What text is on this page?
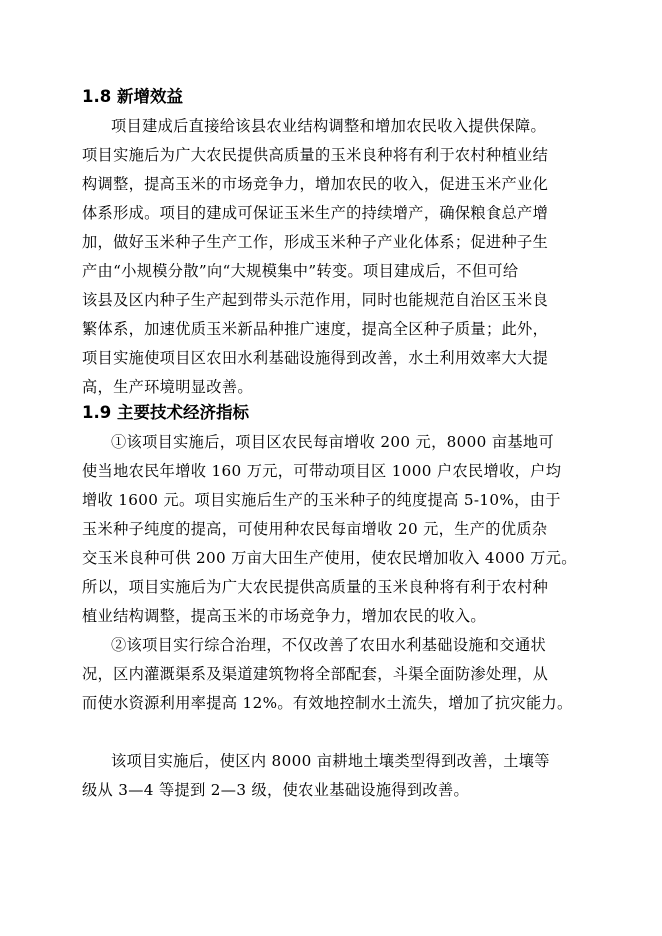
1.8 新增效益
项目建成后直接给该县农业结构调整和增加农民收入提供保障。
项目实施后为广大农民提供高质量的玉米良种将有利于农村种植业结
构调整，提高玉米的市场竞争力，增加农民的收入，促进玉米产业化
体系形成。项目的建成可保证玉米生产的持续增产，确保粮食总产增
加，做好玉米种子生产工作，形成玉米种子产业化体系；促进种子生
产由“小规模分散”向“大规模集中”转变。项目建成后，不但可给
该县及区内种子生产起到带头示范作用，同时也能规范自治区玉米良
繁体系，加速优质玉米新品种推广速度，提高全区种子质量；此外，
项目实施使项目区农田水利基础设施得到改善，水土利用效率大大提
高，生产环境明显改善。
1.9 主要技术经济指标
①该项目实施后，项目区农民每亩增收 200 元，8000 亩基地可
使当地农民年增收 160 万元，可带动项目区 1000 户农民增收，户均
增收 1600 元。项目实施后生产的玉米种子的纯度提高 5-10%，由于
玉米种子纯度的提高，可使用种农民每亩增收 20 元，生产的优质杂
交玉米良种可供 200 万亩大田生产使用，使农民增加收入 4000 万元。
所以，项目实施后为广大农民提供高质量的玉米良种将有利于农村种
植业结构调整，提高玉米的市场竞争力，增加农民的收入。
②该项目实行综合治理，不仅改善了农田水利基础设施和交通状
况，区内灌溉渠系及渠道建筑物将全部配套，斗渠全面防渗处理，从
而使水资源利用率提高 12%。有效地控制水土流失，增加了抗灾能力。
该项目实施后，使区内 8000 亩耕地土壤类型得到改善，土壤等
级从 3—4 等提到 2—3 级，使农业基础设施得到改善。
